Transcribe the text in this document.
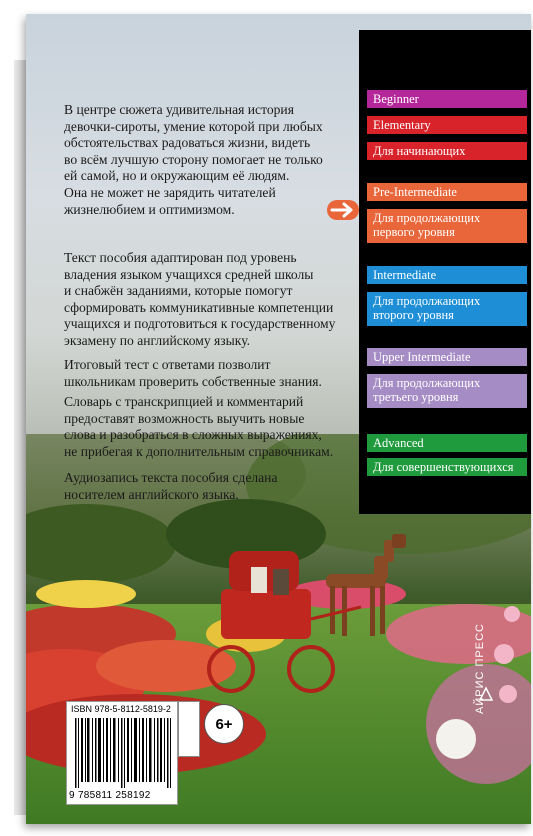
В центре сюжета удивительная история
девочки-сироты, умение которой при любых
обстоятельствах радоваться жизни, видеть
во всём лучшую сторону помогает не только
ей самой, но и окружающим её людям.
Она не может не зарядить читателей
жизнелюбием и оптимизмом.
Текст пособия адаптирован под уровень
владения языком учащихся средней школы
и снабжён заданиями, которые помогут
сформировать коммуникативные компетенции
учащихся и подготовиться к государственному
экзамену по английскому языку.
Итоговый тест с ответами позволит
школьникам проверить собственные знания.
Словарь с транскрипцией и комментарий
предоставят возможность выучить новые
слова и разобраться в сложных выражениях,
не прибегая к дополнительным справочникам.
Аудиозапись текста пособия сделана
носителем английского языка.
Beginner
Elementary
Для начинающих
Pre-Intermediate
Для продолжающих
первого уровня
Intermediate
Для продолжающих
второго уровня
Upper Intermediate
Для продолжающих
третьего уровня
Advanced
Для совершенствующихся
ISBN 978-5-8112-5819-2
9 785811 258192
6+
АЙРИС ПРЕСС
